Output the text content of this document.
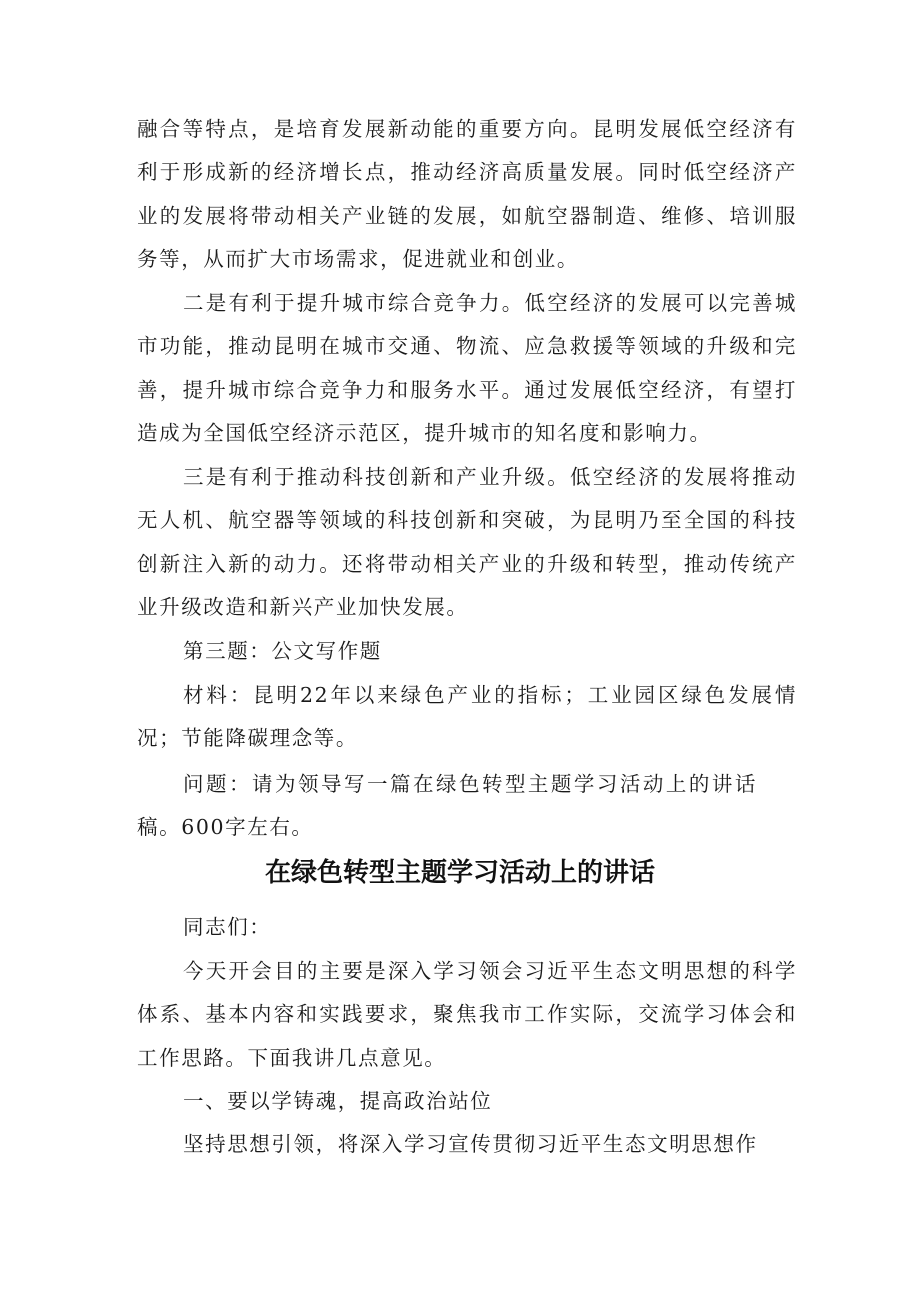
融合等特点，是培育发展新动能的重要方向。昆明发展低空经济有利于形成新的经济增长点，推动经济高质量发展。同时低空经济产业的发展将带动相关产业链的发展，如航空器制造、维修、培训服务等，从而扩大市场需求，促进就业和创业。

二是有利于提升城市综合竞争力。低空经济的发展可以完善城市功能，推动昆明在城市交通、物流、应急救援等领域的升级和完善，提升城市综合竞争力和服务水平。通过发展低空经济，有望打造成为全国低空经济示范区，提升城市的知名度和影响力。

三是有利于推动科技创新和产业升级。低空经济的发展将推动无人机、航空器等领域的科技创新和突破，为昆明乃至全国的科技创新注入新的动力。还将带动相关产业的升级和转型，推动传统产业升级改造和新兴产业加快发展。

第三题：公文写作题

材料：昆明22年以来绿色产业的指标；工业园区绿色发展情况；节能降碳理念等。

问题：请为领导写一篇在绿色转型主题学习活动上的讲话稿。600字左右。

在绿色转型主题学习活动上的讲话

同志们：

今天开会目的主要是深入学习领会习近平生态文明思想的科学体系、基本内容和实践要求，聚焦我市工作实际，交流学习体会和工作思路。下面我讲几点意见。

一、要以学铸魂，提高政治站位

坚持思想引领，将深入学习宣传贯彻习近平生态文明思想作
